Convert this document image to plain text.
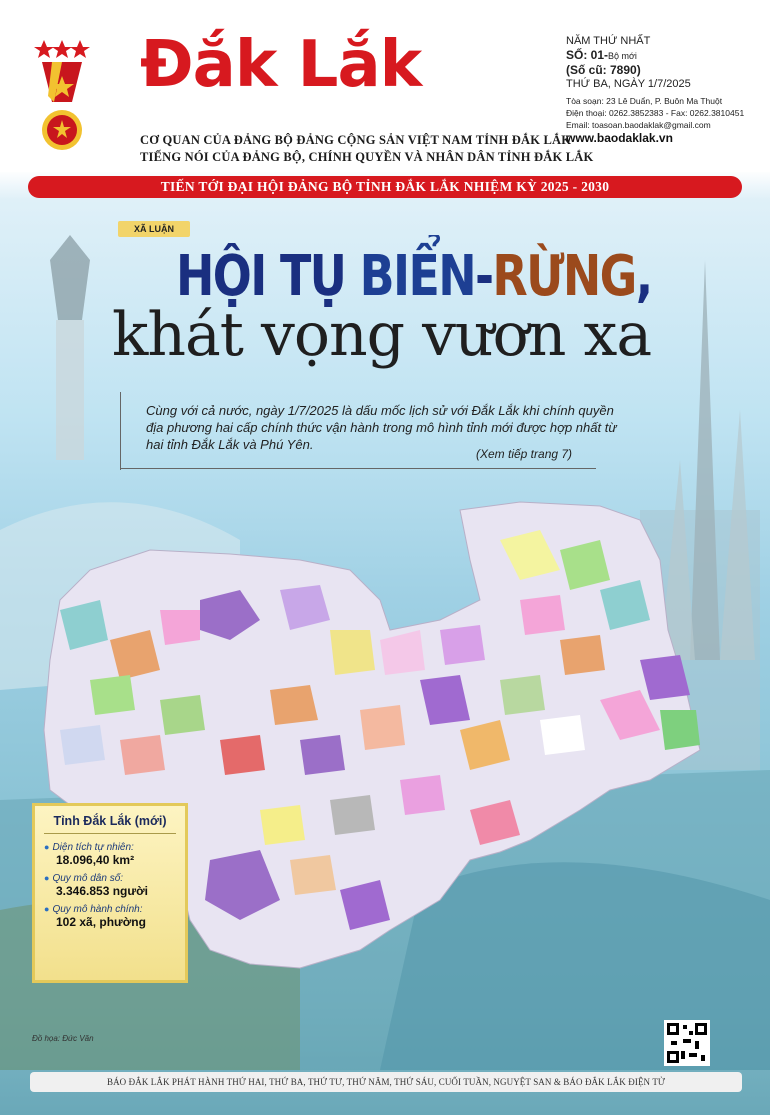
Đắk Lắk
CƠ QUAN CỦA ĐẢNG BỘ ĐẢNG CỘNG SẢN VIỆT NAM TỈNH ĐẮK LẮK
TIẾNG NÓI CỦA ĐẢNG BỘ, CHÍNH QUYỀN VÀ NHÂN DÂN TỈNH ĐẮK LẮK
NĂM THỨ NHẤT
SỐ: 01-Bộ mới
(Số cũ: 7890)
THỨ BA, NGÀY 1/7/2025
Tòa soạn: 23 Lê Duẩn, P. Buôn Ma Thuột
Điện thoại: 0262.3852383 - Fax: 0262.3810451
Email: toasoan.baodaklak@gmail.com
www.baodaklak.vn
TIẾN TỚI ĐẠI HỘI ĐẢNG BỘ TỈNH ĐẮK LẮK NHIỆM KỲ 2025 - 2030
XÃ LUẬN
HỘI TỤ BIỂN-RỪNG,
khát vọng vươn xa
Cùng với cả nước, ngày 1/7/2025 là dấu mốc lịch sử với Đắk Lắk khi chính quyền địa phương hai cấp chính thức vận hành trong mô hình tỉnh mới được hợp nhất từ hai tỉnh Đắk Lắk và Phú Yên.
(Xem tiếp trang 7)
Tỉnh Đắk Lắk (mới)
● Diện tích tự nhiên:
18.096,40 km²
● Quy mô dân số:
3.346.853 người
● Quy mô hành chính:
102 xã, phường
Đồ họa: Đức Văn
BÁO ĐẮK LẮK PHÁT HÀNH THỨ HAI, THỨ BA, THỨ TƯ, THỨ NĂM, THỨ SÁU, CUỐI TUẦN, NGUYỆT SAN & BÁO ĐẮK LẮK ĐIỆN TỬ
